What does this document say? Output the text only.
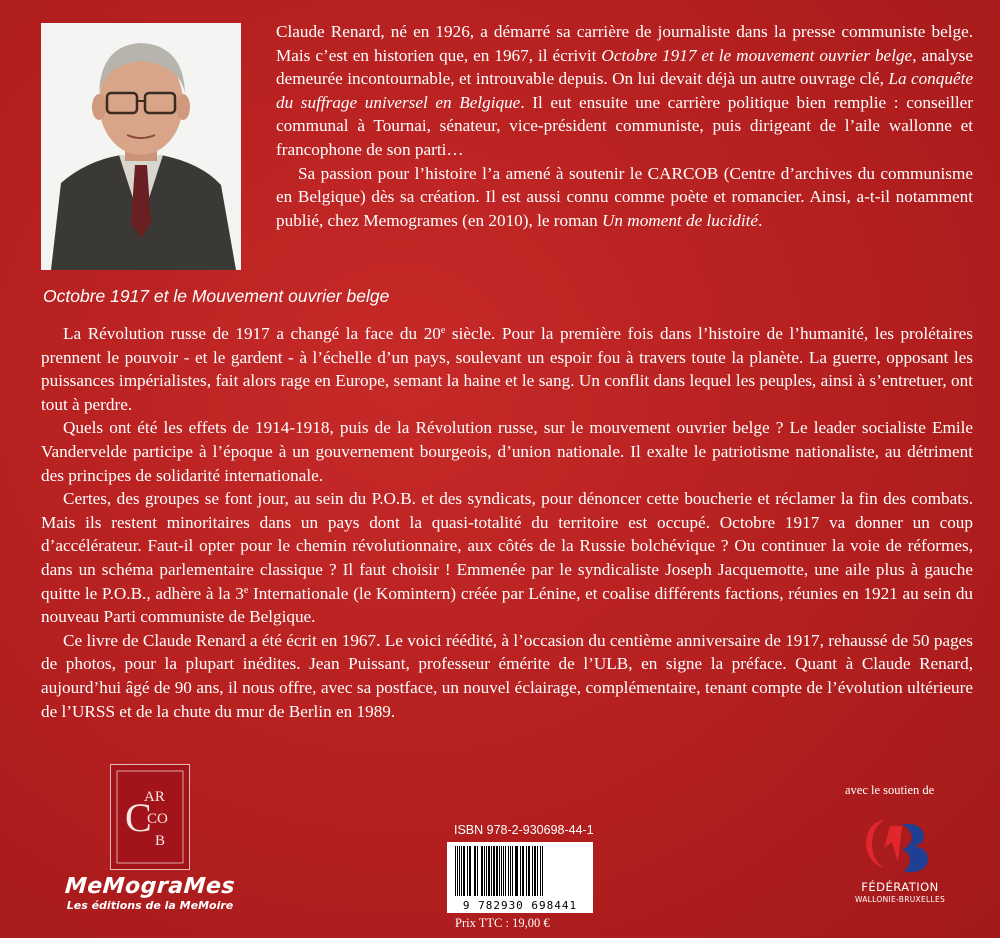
Claude Renard, né en 1926, a démarré sa carrière de journaliste dans la presse communiste belge. Mais c’est en historien que, en 1967, il écrivit Octobre 1917 et le mouvement ouvrier belge, analyse demeurée incontournable, et introuvable depuis. On lui devait déjà un autre ouvrage clé, La conquête du suffrage universel en Belgique. Il eut ensuite une carrière politique bien remplie : conseiller communal à Tournai, sénateur, vice-président communiste, puis dirigeant de l’aile wallonne et francophone de son parti…

Sa passion pour l’histoire l’a amené à soutenir le CARCOB (Centre d’archives du communisme en Belgique) dès sa création. Il est aussi connu comme poète et romancier. Ainsi, a-t-il notamment publié, chez Memogrames (en 2010), le roman Un moment de lucidité.

Octobre 1917 et le Mouvement ouvrier belge

La Révolution russe de 1917 a changé la face du 20e siècle. Pour la première fois dans l’histoire de l’humanité, les prolétaires prennent le pouvoir - et le gardent - à l’échelle d’un pays, soulevant un espoir fou à travers toute la planète. La guerre, opposant les puissances impérialistes, fait alors rage en Europe, semant la haine et le sang. Un conflit dans lequel les peuples, ainsi à s’entretuer, ont tout à perdre.

Quels ont été les effets de 1914-1918, puis de la Révolution russe, sur le mouvement ouvrier belge ? Le leader socialiste Emile Vandervelde participe à l’époque à un gouvernement bourgeois, d’union nationale. Il exalte le patriotisme nationaliste, au détriment des principes de solidarité internationale.

Certes, des groupes se font jour, au sein du P.O.B. et des syndicats, pour dénoncer cette boucherie et réclamer la fin des combats. Mais ils restent minoritaires dans un pays dont la quasi-totalité du territoire est occupé. Octobre 1917 va donner un coup d’accélérateur. Faut-il opter pour le chemin révolutionnaire, aux côtés de la Russie bolchévique ? Ou continuer la voie de réformes, dans un schéma parlementaire classique ? Il faut choisir ! Emmenée par le syndicaliste Joseph Jacquemotte, une aile plus à gauche quitte le P.O.B., adhère à la 3e Internationale (le Komintern) créée par Lénine, et coalise différents factions, réunies en 1921 au sein du nouveau Parti communiste de Belgique.

Ce livre de Claude Renard a été écrit en 1967. Le voici réédité, à l’occasion du centième anniversaire de 1917, rehaussé de 50 pages de photos, pour la plupart inédites. Jean Puissant, professeur émérite de l’ULB, en signe la préface. Quant à Claude Renard, aujourd’hui âgé de 90 ans, il nous offre, avec sa postface, un nouvel éclairage, complémentaire, tenant compte de l’évolution ultérieure de l’URSS et de la chute du mur de Berlin en 1989.

C
AR
CO
B
MeMograMes
Les éditions de la MeMoire
ISBN 978-2-930698-44-1
9 782930 698441
Prix TTC : 19,00 €
avec le soutien de
FÉDÉRATION
WALLONIE-BRUXELLES
